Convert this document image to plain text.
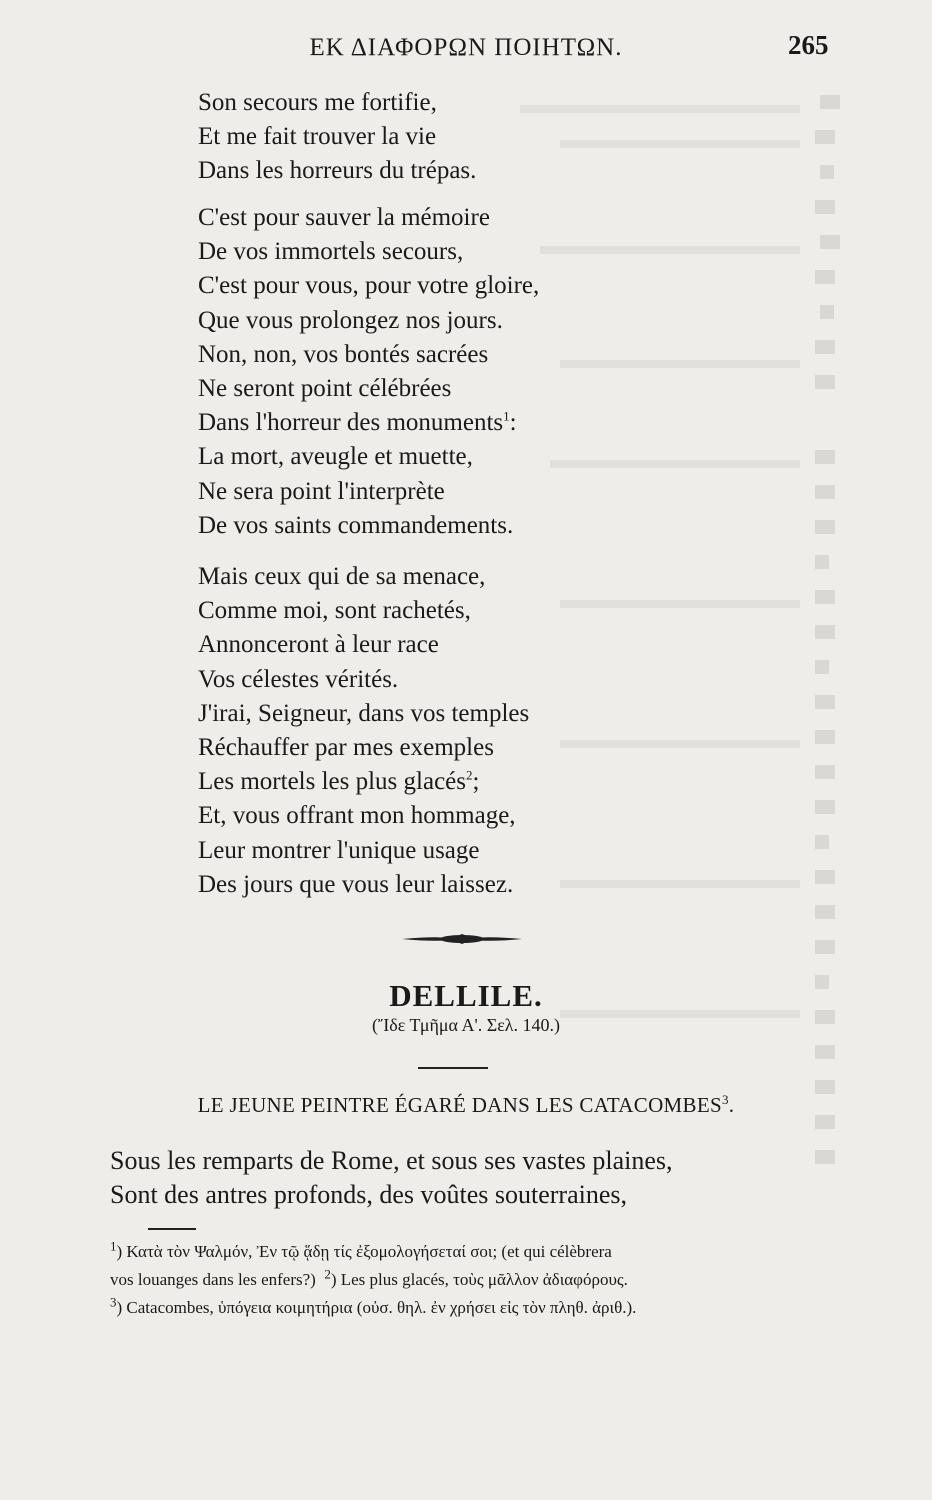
ΕΚ ΔΙΑΦΟΡΩΝ ΠΟΙΗΤΩΝ.	265
Son secours me fortifie,
Et me fait trouver la vie
Dans les horreurs du trépas.
C'est pour sauver la mémoire
De vos immortels secours,
C'est pour vous, pour votre gloire,
Que vous prolongez nos jours.
Non, non, vos bontés sacrées
Ne seront point célébrées
Dans l'horreur des monuments$^1$:
La mort, aveugle et muette,
Ne sera point l'interprète
De vos saints commandements.
Mais ceux qui de sa menace,
Comme moi, sont rachetés,
Annonceront à leur race
Vos célestes vérités.
J'irai, Seigneur, dans vos temples
Réchauffer par mes exemples
Les mortels les plus glacés$^2$;
Et, vous offrant mon hommage,
Leur montrer l'unique usage
Des jours que vous leur laissez.
DELLILE.
(Ἴδε Τμῆμα Α'. Σελ. 140.)
LE JEUNE PEINTRE ÉGARÉ DANS LES CATACOMBES$^3$.
Sous les remparts de Rome, et sous ses vastes plaines,
Sont des antres profonds, des voûtes souterraines,
$^1$) Κατὰ τὸν Ψαλμόν, Ἐν τῷ ᾅδῃ τίς ἐξομολογήσεταί σοι; (et qui célèbrera
vos louanges dans les enfers?) $^2$) Les plus glacés, τοὺς μᾶλλον ἀδιαφόρους.
$^3$) Catacombes, ὑπόγεια κοιμητήρια (οὐσ. θηλ. ἐν χρήσει εἰς τὸν πληθ. ἀριθ.).
